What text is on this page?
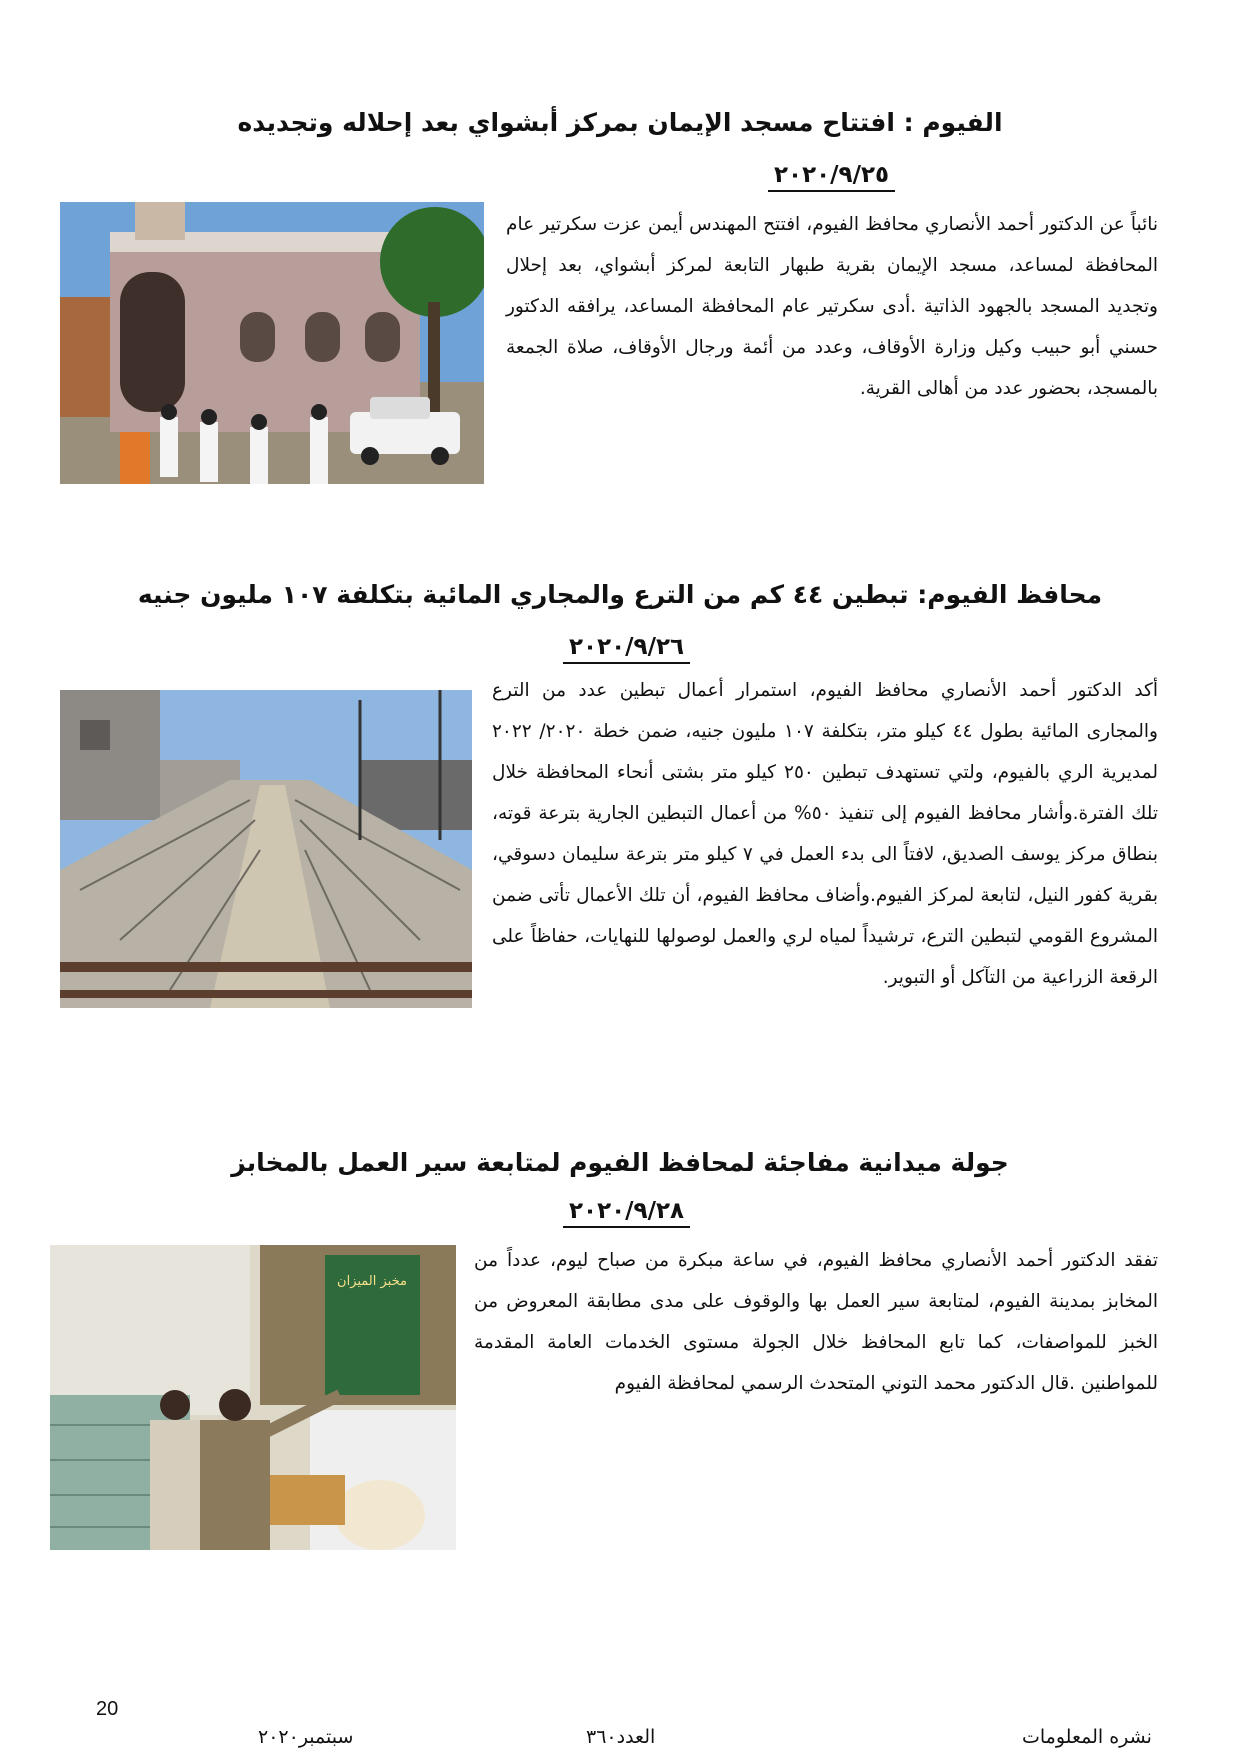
الفيوم : افتتاح مسجد الإيمان بمركز أبشواي بعد إحلاله وتجديده
٢٠٢٠/٩/٢٥

نائباً عن الدكتور أحمد الأنصاري محافظ الفيوم، افتتح المهندس أيمن عزت سكرتير عام المحافظة لمساعد، مسجد الإيمان بقرية طبهار التابعة لمركز أبشواي، بعد إحلال وتجديد المسجد بالجهود الذاتية .أدى سكرتير عام المحافظة المساعد، يرافقه الدكتور حسني أبو حبيب وكيل وزارة الأوقاف، وعدد من أئمة ورجال الأوقاف، صلاة الجمعة بالمسجد، بحضور عدد من أهالى القرية.

محافظ الفيوم: تبطين ٤٤ كم من الترع والمجاري المائية بتكلفة ١٠٧ مليون جنيه
٢٠٢٠/٩/٢٦

أكد الدكتور أحمد الأنصاري محافظ الفيوم، استمرار أعمال تبطين عدد من الترع والمجارى المائية بطول ٤٤ كيلو متر، بتكلفة ١٠٧ مليون جنيه، ضمن خطة ٢٠٢٠/ ٢٠٢٢ لمديرية الري بالفيوم، ولتي تستهدف تبطين ٢٥٠ كيلو متر بشتى أنحاء المحافظة خلال تلك الفترة.وأشار محافظ الفيوم إلى تنفيذ ٥٠% من أعمال التبطين الجارية بترعة قوته، بنطاق مركز يوسف الصديق، لافتاً الى بدء العمل في ٧ كيلو متر بترعة سليمان دسوقي، بقرية كفور النيل، لتابعة لمركز الفيوم.وأضاف محافظ الفيوم، أن تلك الأعمال تأتى ضمن المشروع القومي لتبطين الترع، ترشيداً لمياه لري والعمل لوصولها للنهايات، حفاظاً على الرقعة الزراعية من التآكل أو التبوير.

جولة ميدانية مفاجئة لمحافظ الفيوم لمتابعة سير العمل بالمخابز
٢٠٢٠/٩/٢٨
مخبز الميزان

تفقد الدكتور أحمد الأنصاري محافظ الفيوم، في ساعة مبكرة من صباح ليوم، عدداً من المخابز بمدينة الفيوم، لمتابعة سير العمل بها والوقوف على مدى مطابقة المعروض من الخبز للمواصفات، كما تابع المحافظ خلال الجولة مستوى الخدمات العامة المقدمة للمواطنين .قال الدكتور محمد التوني المتحدث الرسمي لمحافظة الفيوم

20
نشره المعلومات
العدد٣٦٠
سبتمبر٢٠٢٠
